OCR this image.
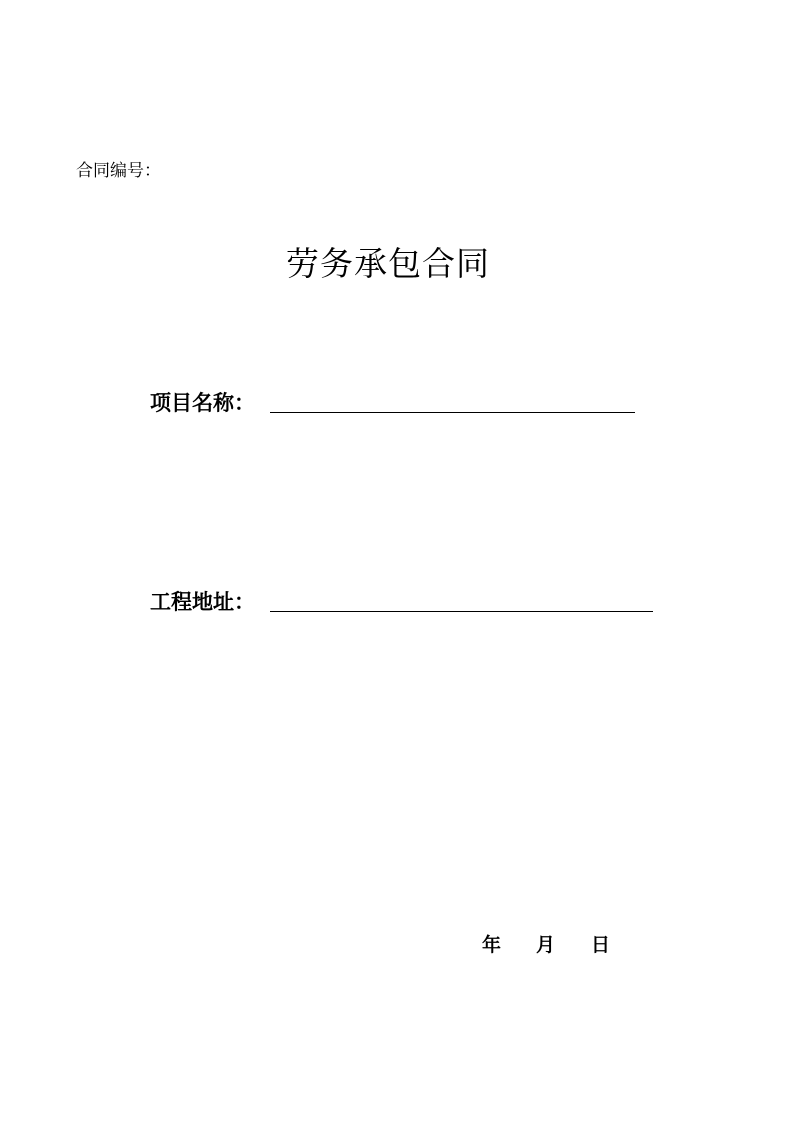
合同编号：
劳务承包合同
项目名称：
工程地址：
年 月 日
